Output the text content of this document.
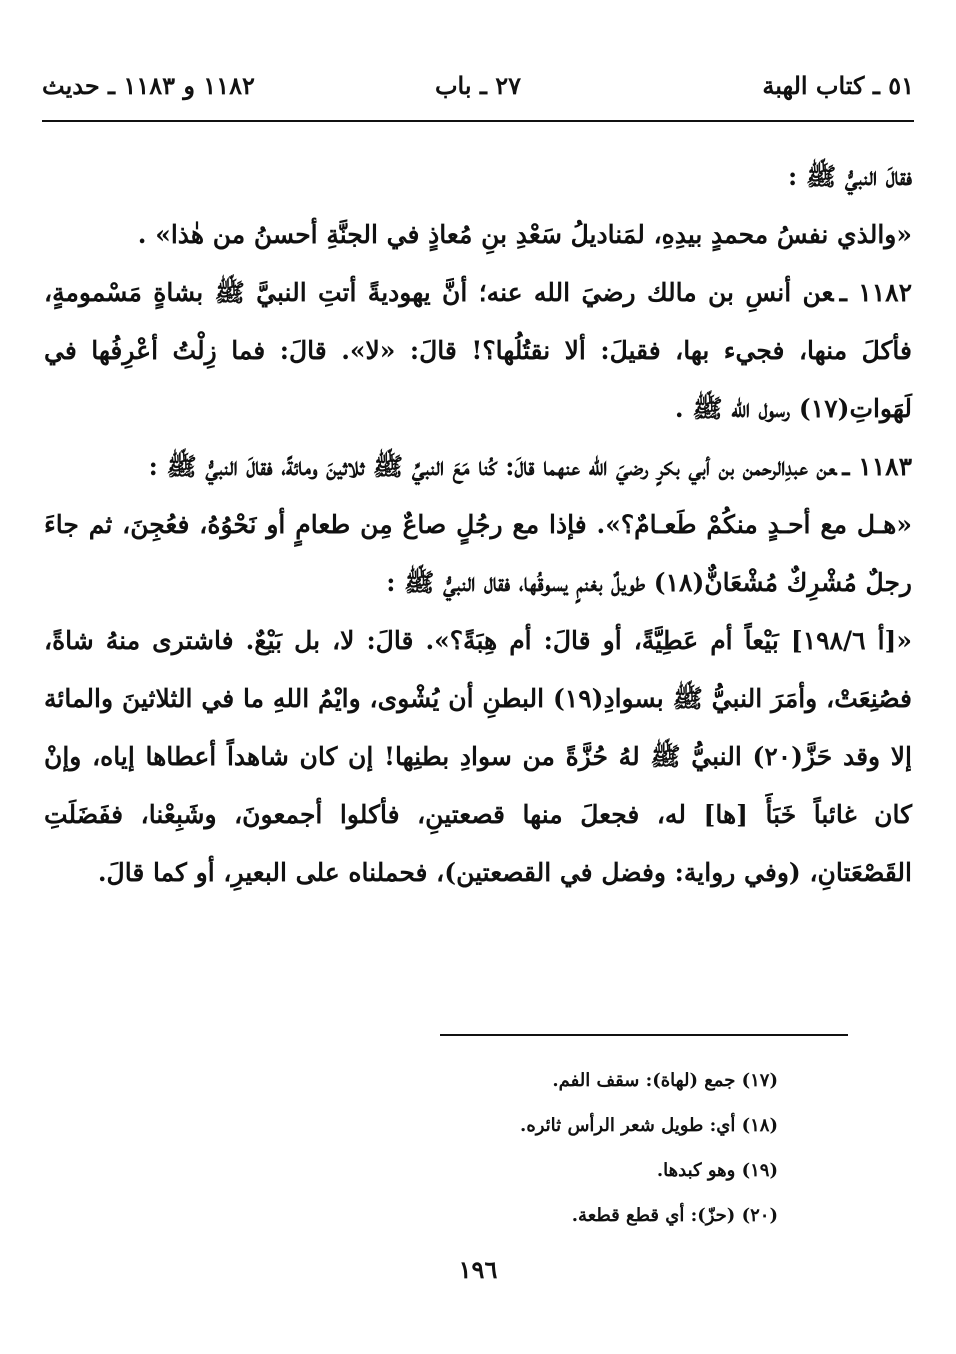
٥١ ـ كتاب الهبة
٢٧ ـ باب
١١٨٢ و ١١٨٣ ـ حديث

فقالَ النبيُّ ﷺ :

«والذي نفسُ محمدٍ بيدِهِ، لمَناديلُ سَعْدِ بنِ مُعاذٍ في الجنَّةِ أحسنُ من هٰذا» .

١١٨٢ ـعن أنسِ بن مالك رضيَ الله عنه؛ أنَّ يهوديةً أتتِ النبيَّ ﷺ بشاةٍ مَسْمومةٍ، فأكلَ منها، فجيء بها، فقيلَ: ألا نقتُلُها؟! قالَ: «لا». قالَ: فما زِلْتُ أعْرِفُها في لَهَواتِ(١٧) رسول الله ﷺ .

١١٨٣ ـعن عبدِالرحمن بن أبي بكرٍ رضيَ الله عنهما قالَ: كُنا مَعَ النبيِّ ﷺ ثلاثينَ ومائةً، فقالَ النبيُّ ﷺ :

«هـل مع أحـدٍ منكُمْ طَعـامٌ؟». فإذا مع رجُلٍ صاعٌ مِن طعامٍ أو نَحْوُهُ، فعُجِنَ، ثم جاءَ رجلٌ مُشْرِكٌ مُشْعَانٌّ(١٨) طويلٌ بغنمٍ يسوقُها، فقال النبيُّ ﷺ :

«[أ ١٩٨/٦] بَيْعاً أم عَطِيَّةً، أو قالَ: أم هِبَةً؟». قالَ: لا، بل بَيْعٌ. فاشترى منهُ شاةً، فصُنِعَتْ، وأمَرَ النبيُّ ﷺ بسوادِ(١٩) البطنِ أن يُشْوى، وايْمُ اللهِ ما في الثلاثينَ والمائة إلا وقد حَزَّ(٢٠) النبيُّ ﷺ لهُ حُزَّةً من سوادِ بطنِها! إن كان شاهداً أعطاها إياه، وإنْ كان غائباً خَبَأَ [ها] له، فجعلَ منها قصعتينِ، فأكلوا أجمعونَ، وشَبِعْنا، ففَضَلَتِ القَصْعَتانِ، (وفي رواية: وفضل في القصعتين)، فحملناه على البعيرِ، أو كما قالَ.

(١٧) جمع (لهاة): سقف الفم.
(١٨) أي: طويل شعر الرأس ثائره.
(١٩) وهو كبدها.
(٢٠) (حزّ): أي قطع قطعة.
١٩٦
